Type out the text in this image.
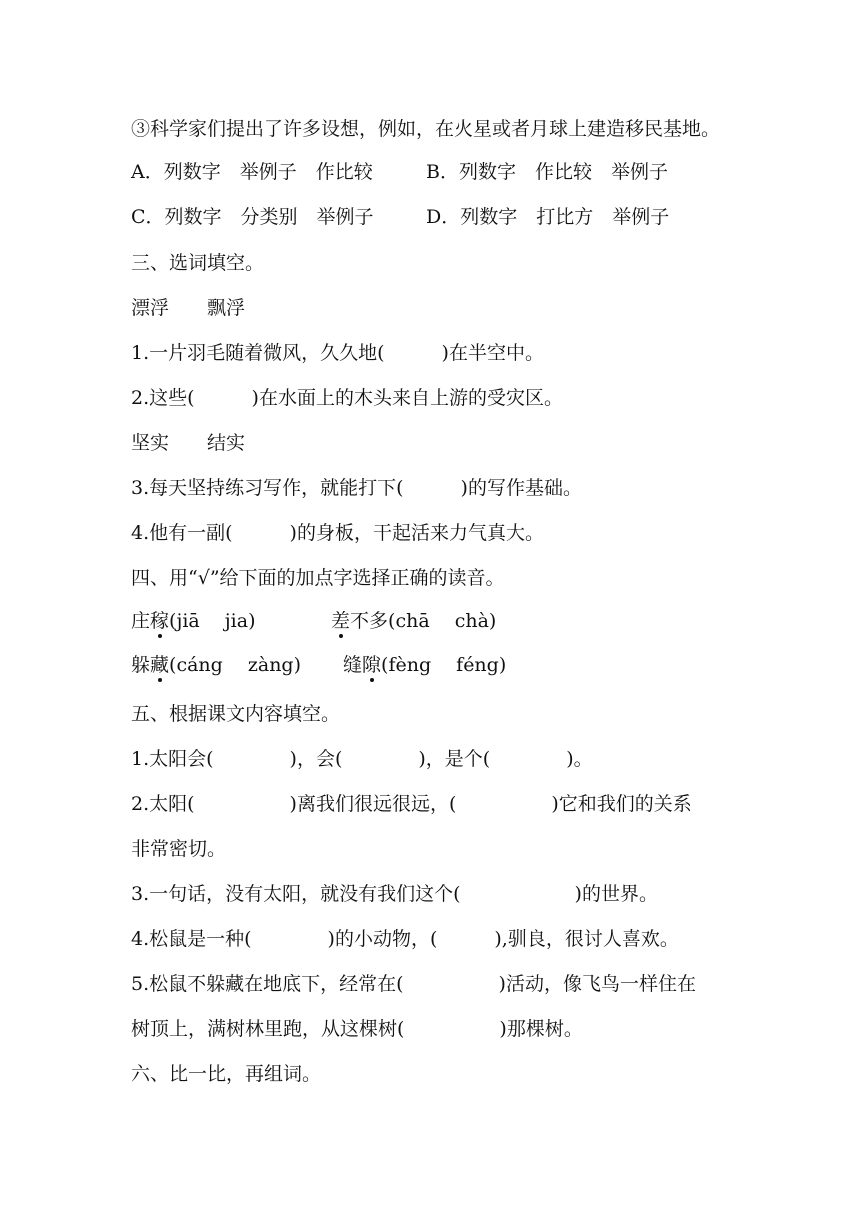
③科学家们提出了许多设想，例如，在火星或者月球上建造移民基地。

A．列数字　举例子　作比较

	B．列数字　作比较　举例子

C．列数字　分类别　举例子

	D．列数字　打比方　举例子

三、选词填空。
漂浮　　飘浮
1.一片羽毛随着微风，久久地(　　　)在半空中。
2.这些(　　　)在水面上的木头来自上游的受灾区。
坚实　　结实
3.每天坚持练习写作，就能打下(　　　)的写作基础。
4.他有一副(　　　)的身板，干起活来力气真大。
四、用“√”给下面的加点字选择正确的读音。

庄稼(jiā　 jia)

	差不多(chā　 chà)

躲藏(cáng　 zàng)

缝隙(fèng　 féng)

五、根据课文内容填空。
1.太阳会(　　　　)，会(　　　　)，是个(　　　　)。
2.太阳(　　　　　)离我们很远很远，(　　　　　)它和我们的关系
非常密切。
3.一句话，没有太阳，就没有我们这个(　　　　　　)的世界。
4.松鼠是一种(　　　　)的小动物，(　　　),驯良，很讨人喜欢。
5.松鼠不躲藏在地底下，经常在(　　　　　)活动，像飞鸟一样住在
树顶上，满树林里跑，从这棵树(　　　　　)那棵树。
六、比一比，再组词。
